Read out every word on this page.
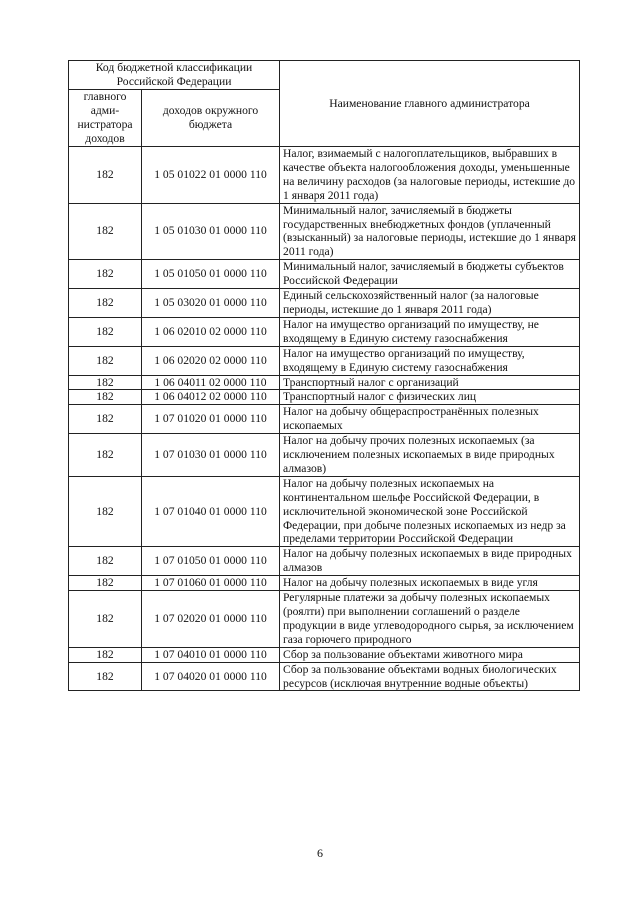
Код бюджетной классификации Российской Федерации		Наименование главного администратора
главного адми-нистратора доходов	доходов окружного бюджета	
182	1 05 01022 01 0000 110	Налог, взимаемый с налогоплательщиков, выбравших в качестве объекта налогообложения доходы, уменьшенные на величину расходов (за налоговые периоды, истекшие до 1 января 2011 года)
182	1 05 01030 01 0000 110	Минимальный налог, зачисляемый в бюджеты государственных внебюджетных фондов (уплаченный (взысканный) за налоговые периоды, истекшие до 1 января 2011 года)
182	1 05 01050 01 0000 110	Минимальный налог, зачисляемый в бюджеты субъектов Российской Федерации
182	1 05 03020 01 0000 110	Единый сельскохозяйственный налог (за налоговые периоды, истекшие до 1 января 2011 года)
182	1 06 02010 02 0000 110	Налог на имущество организаций по имуществу, не входящему в Единую систему газоснабжения
182	1 06 02020 02 0000 110	Налог на имущество организаций по имуществу, входящему в Единую систему газоснабжения
182	1 06 04011 02 0000 110	Транспортный налог с организаций
182	1 06 04012 02 0000 110	Транспортный налог с физических лиц
182	1 07 01020 01 0000 110	Налог на добычу общераспространённых полезных ископаемых
182	1 07 01030 01 0000 110	Налог на добычу прочих полезных ископаемых (за исключением полезных ископаемых в виде природных алмазов)
182	1 07 01040 01 0000 110	Налог на добычу полезных ископаемых на континентальном шельфе Российской Федерации, в исключительной экономической зоне Российской Федерации, при добыче полезных ископаемых из недр за пределами территории Российской Федерации
182	1 07 01050 01 0000 110	Налог на добычу полезных ископаемых в виде природных алмазов
182	1 07 01060 01 0000 110	Налог на добычу полезных ископаемых в виде угля
182	1 07 02020 01 0000 110	Регулярные платежи за добычу полезных ископаемых (роялти) при выполнении соглашений о разделе продукции в виде углеводородного сырья, за исключением газа горючего природного
182	1 07 04010 01 0000 110	Сбор за пользование объектами животного мира
182	1 07 04020 01 0000 110	Сбор за пользование объектами водных биологических ресурсов (исключая внутренние водные объекты)
6
